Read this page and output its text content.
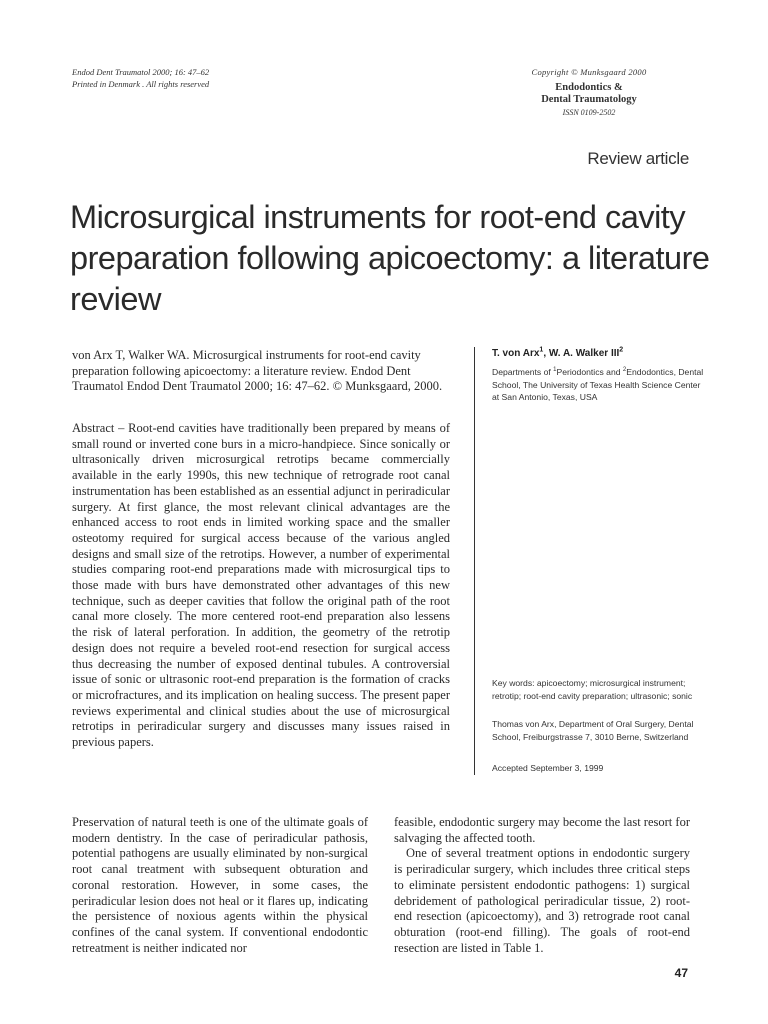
Endod Dent Traumatol 2000; 16: 47–62
Printed in Denmark . All rights reserved
Copyright © Munksgaard 2000
Endodontics &
Dental Traumatology
ISSN 0109-2502
Review article
Microsurgical instruments for root-end cavity preparation following apicoectomy: a literature review
von Arx T, Walker WA. Microsurgical instruments for root-end cavity preparation following apicoectomy: a literature review. Endod Dent Traumatol Endod Dent Traumatol 2000; 16: 47–62. © Munksgaard, 2000.
Abstract – Root-end cavities have traditionally been prepared by means of small round or inverted cone burs in a micro-handpiece. Since sonically or ultrasonically driven microsurgical retrotips became commercially available in the early 1990s, this new technique of retrograde root canal instrumentation has been established as an essential adjunct in periradicular surgery. At first glance, the most relevant clinical advantages are the enhanced access to root ends in limited working space and the smaller osteotomy required for surgical access because of the various angled designs and small size of the retrotips. However, a number of experimental studies comparing root-end preparations made with microsurgical tips to those made with burs have demonstrated other advantages of this new technique, such as deeper cavities that follow the original path of the root canal more closely. The more centered root-end preparation also lessens the risk of lateral perforation. In addition, the geometry of the retrotip design does not require a beveled root-end resection for surgical access thus decreasing the number of exposed dentinal tubules. A controversial issue of sonic or ultrasonic root-end preparation is the formation of cracks or microfractures, and its implication on healing success. The present paper reviews experimental and clinical studies about the use of microsurgical retrotips in periradicular surgery and discusses many issues raised in previous papers.
T. von Arx$^1$, W. A. Walker III$^2$
Departments of $^1$Periodontics and $^2$Endodontics, Dental School, The University of Texas Health Science Center at San Antonio, Texas, USA
Key words: apicoectomy; microsurgical instrument; retrotip; root-end cavity preparation; ultrasonic; sonic
Thomas von Arx, Department of Oral Surgery, Dental School, Freiburgstrasse 7, 3010 Berne, Switzerland
Accepted September 3, 1999

Preservation of natural teeth is one of the ultimate goals of modern dentistry. In the case of periradicular pathosis, potential pathogens are usually eliminated by non-surgical root canal treatment with subsequent obturation and coronal restoration. However, in some cases, the periradicular lesion does not heal or it flares up, indicating the persistence of noxious agents within the physical confines of the canal system. If conventional endodontic retreatment is neither indicated nor

feasible, endodontic surgery may become the last resort for salvaging the affected tooth.

One of several treatment options in endodontic surgery is periradicular surgery, which includes three critical steps to eliminate persistent endodontic pathogens: 1) surgical debridement of pathological periradicular tissue, 2) root-end resection (apicoectomy), and 3) retrograde root canal obturation (root-end filling). The goals of root-end resection are listed in Table 1.

47
